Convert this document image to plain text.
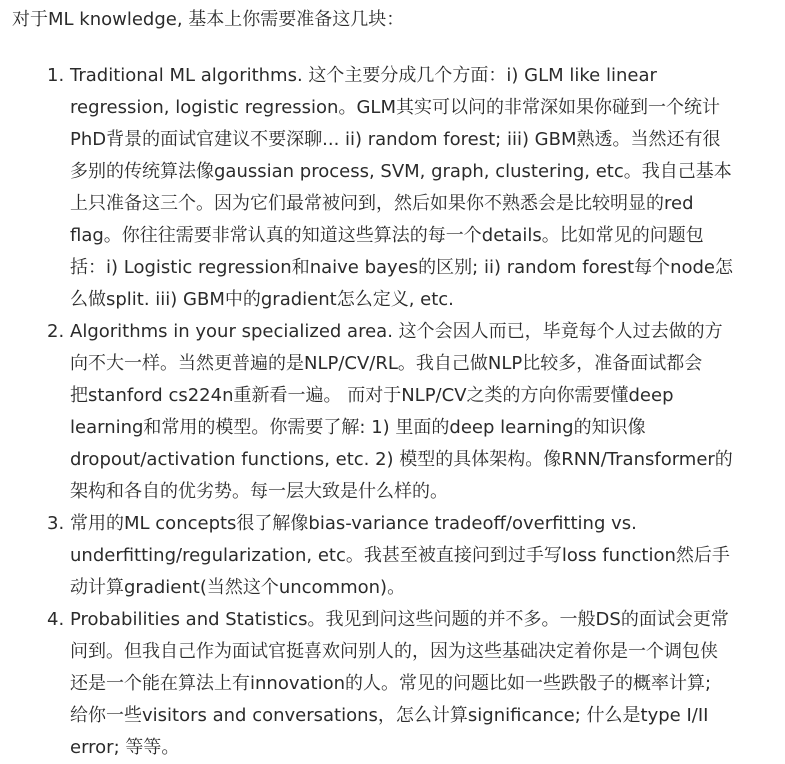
对于ML knowledge, 基本上你需要准备这几块：
1. Traditional ML algorithms. 这个主要分成几个方面：i) GLM like linear
regression, logistic regression。GLM其实可以问的非常深如果你碰到一个统计
PhD背景的面试官建议不要深聊... ii) random forest; iii) GBM熟透。当然还有很
多别的传统算法像gaussian process, SVM, graph, clustering, etc。我自己基本
上只准备这三个。因为它们最常被问到，然后如果你不熟悉会是比较明显的red
flag。你往往需要非常认真的知道这些算法的每一个details。比如常见的问题包
括：i) Logistic regression和naive bayes的区别; ii) random forest每个node怎
么做split. iii) GBM中的gradient怎么定义, etc.
2. Algorithms in your specialized area. 这个会因人而已，毕竟每个人过去做的方
向不大一样。当然更普遍的是NLP/CV/RL。我自己做NLP比较多，准备面试都会
把stanford cs224n重新看一遍。 而对于NLP/CV之类的方向你需要懂deep
learning和常用的模型。你需要了解: 1) 里面的deep learning的知识像
dropout/activation functions, etc. 2) 模型的具体架构。像RNN/Transformer的
架构和各自的优劣势。每一层大致是什么样的。
3. 常用的ML concepts很了解像bias-variance tradeoff/overfitting vs.
underfitting/regularization, etc。我甚至被直接问到过手写loss function然后手
动计算gradient(当然这个uncommon)。
4. Probabilities and Statistics。我见到问这些问题的并不多。一般DS的面试会更常
问到。但我自己作为面试官挺喜欢问别人的，因为这些基础决定着你是一个调包侠
还是一个能在算法上有innovation的人。常见的问题比如一些跌骰子的概率计算;
给你一些visitors and conversations，怎么计算significance; 什么是type I/II
error; 等等。
